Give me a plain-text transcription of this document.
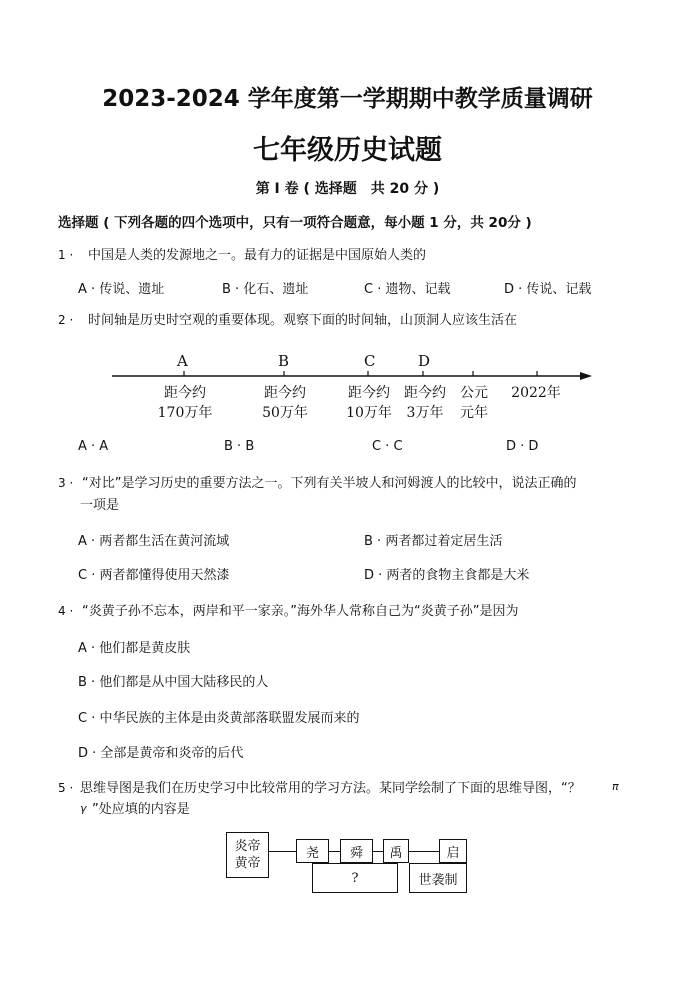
2023-2024 学年度第一学期期中教学质量调研
七年级历史试题
第 I 卷 ( 选择题　共 20 分 )
选择题 ( 下列各题的四个选项中，只有一项符合题意，每小题 1 分，共 20分 )
1 · 中国是人类的发源地之一。最有力的证据是中国原始人类的
A · 传说、遗址	B · 化石、遗址	C · 遗物、记载	D · 传说、记载
2 · 时间轴是历史时空观的重要体现。观察下面的时间轴，山顶洞人应该生活在
A	B	C	D
距今约
170万年
距今约
50万年
距今约
10万年
距今约
3万年
公元
元年
2022年
A · A	B · B	C · C	D · D
3 · “对比”是学习历史的重要方法之一。下列有关半坡人和河姆渡人的比较中，说法正确的
一项是
A · 两者都生活在黄河流域	B · 两者都过着定居生活
C · 两者都懂得使用天然漆	D · 两者的食物主食都是大米
4 · “炎黄子孙不忘本，两岸和平一家亲。”海外华人常称自己为“炎黄子孙”是因为
A · 他们都是黄皮肤
B · 他们都是从中国大陆移民的人
C · 中华民族的主体是由炎黄部落联盟发展而来的
D · 全部是黄帝和炎帝的后代
5 · 思维导图是我们在历史学习中比较常用的学习方法。某同学绘制了下面的思维导图，“？	π
γ ”处应填的内容是
炎帝
黄帝
尧	舜	禹	启
?	世袭制
